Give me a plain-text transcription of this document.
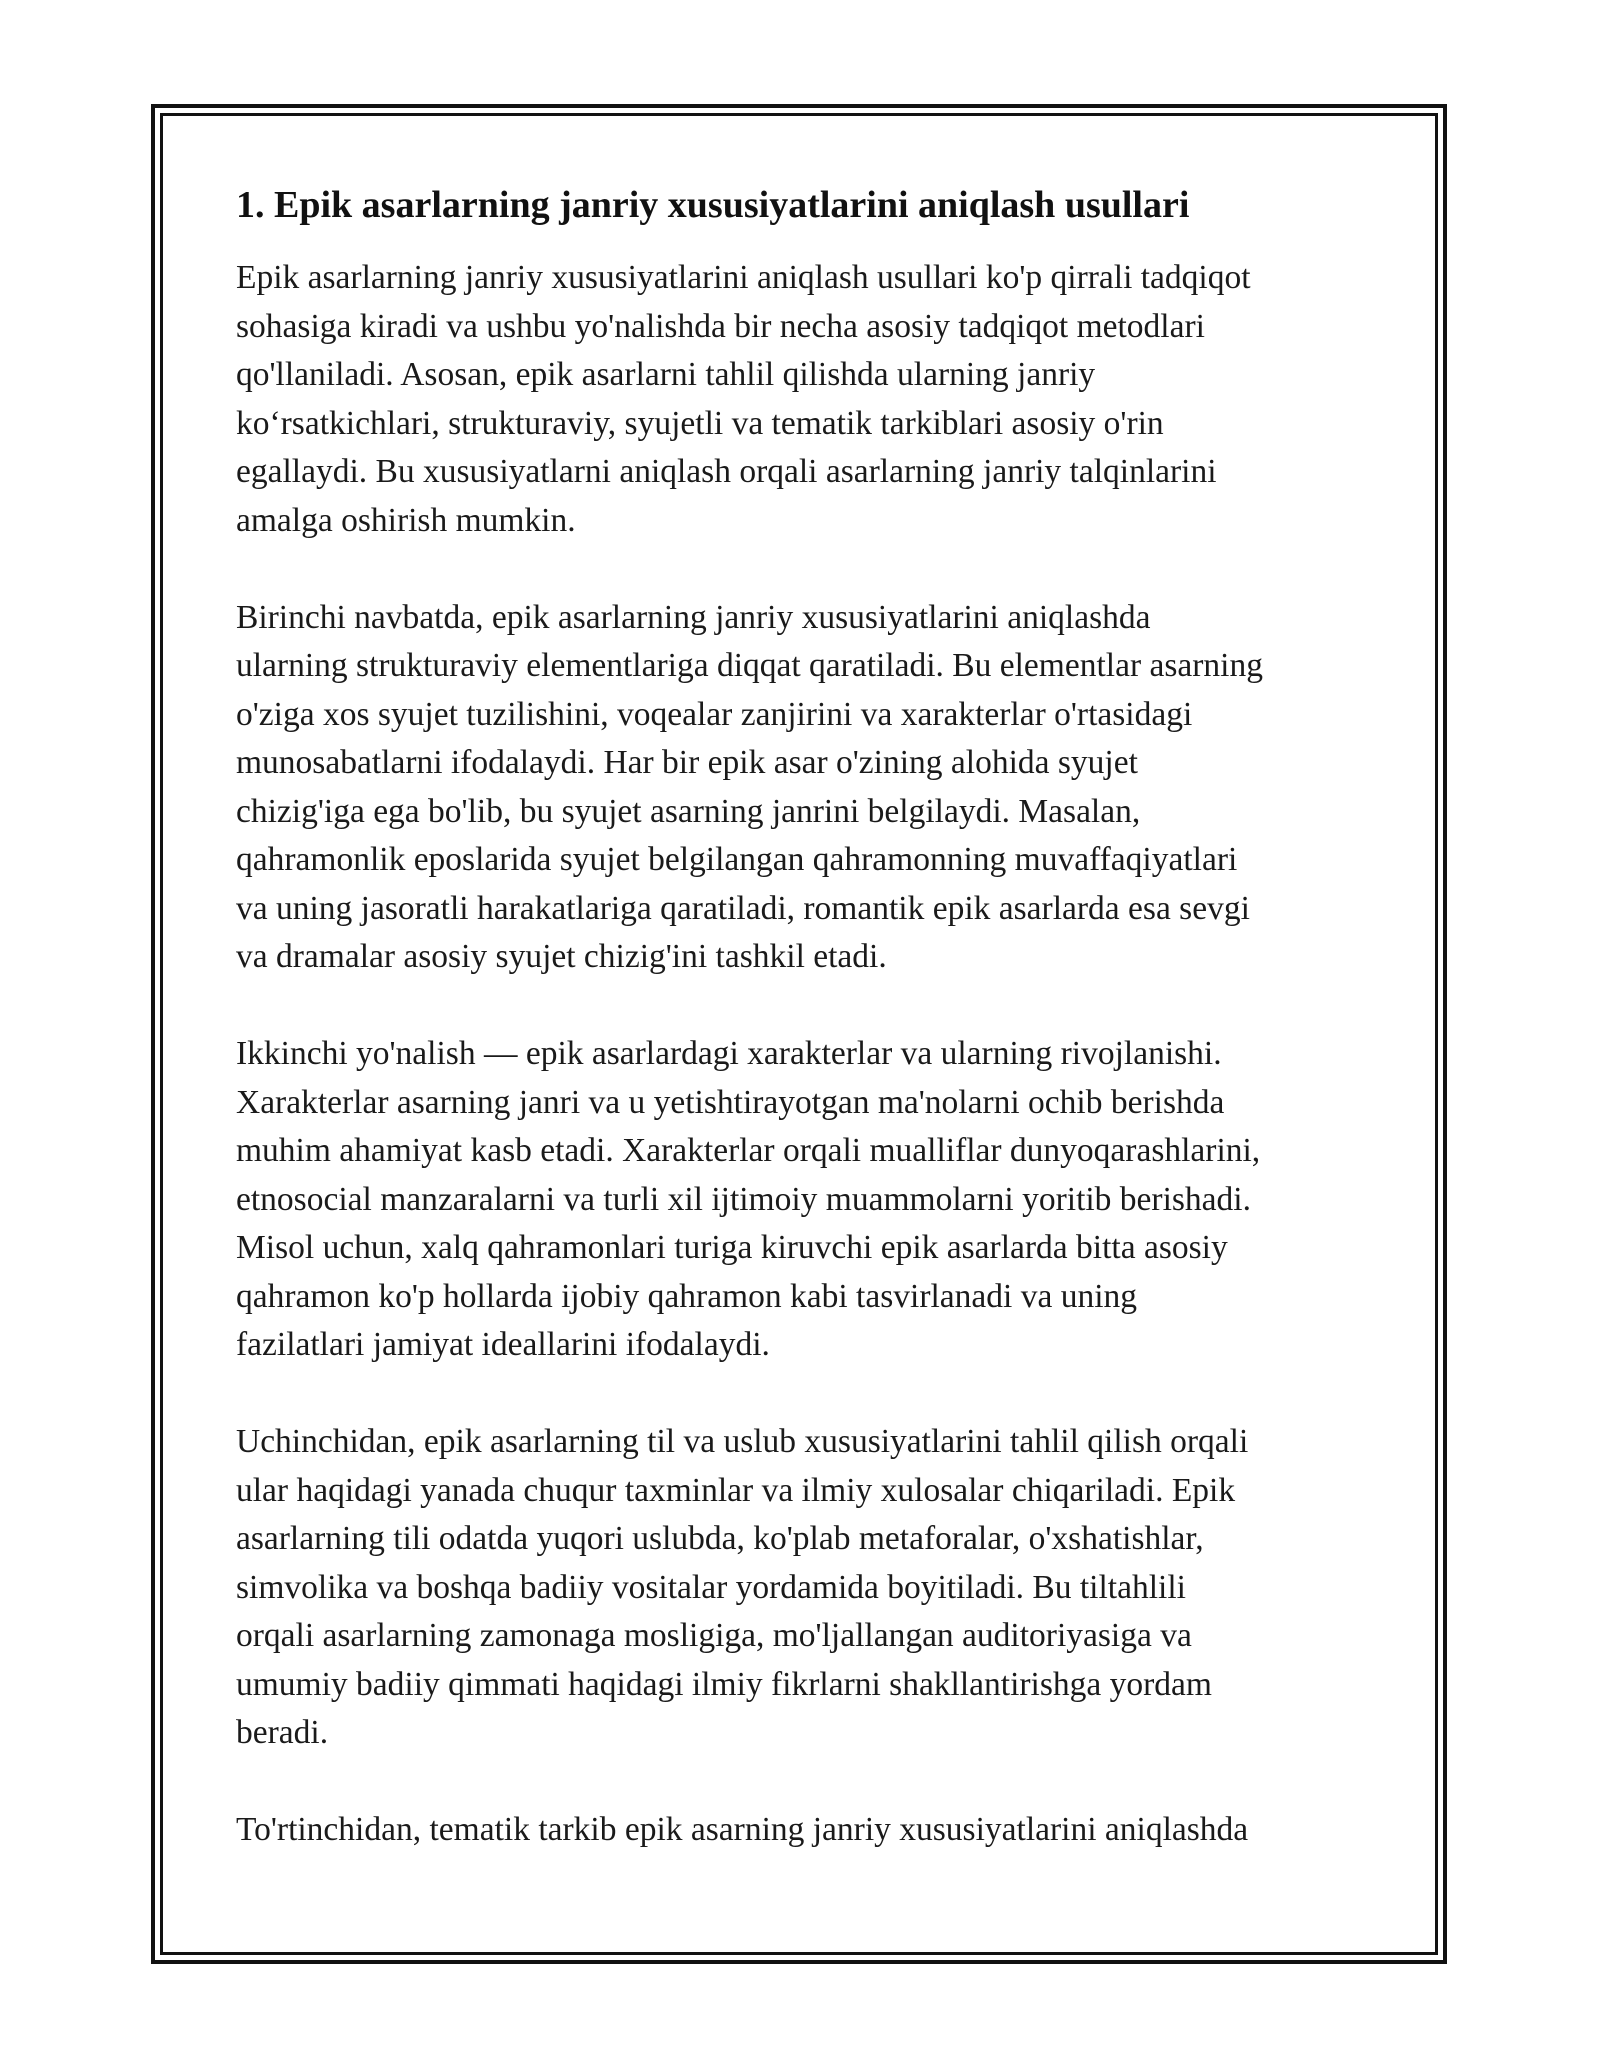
1. Epik asarlarning janriy xususiyatlarini aniqlash usullari

Epik asarlarning janriy xususiyatlarini aniqlash usullari ko'p qirrali tadqiqot
sohasiga kiradi va ushbu yo'nalishda bir necha asosiy tadqiqot metodlari
qo'llaniladi. Asosan, epik asarlarni tahlil qilishda ularning janriy
ko‘rsatkichlari, strukturaviy, syujetli va tematik tarkiblari asosiy o'rin
egallaydi. Bu xususiyatlarni aniqlash orqali asarlarning janriy talqinlarini
amalga oshirish mumkin.

Birinchi navbatda, epik asarlarning janriy xususiyatlarini aniqlashda
ularning strukturaviy elementlariga diqqat qaratiladi. Bu elementlar asarning
o'ziga xos syujet tuzilishini, voqealar zanjirini va xarakterlar o'rtasidagi
munosabatlarni ifodalaydi. Har bir epik asar o'zining alohida syujet
chizig'iga ega bo'lib, bu syujet asarning janrini belgilaydi. Masalan,
qahramonlik eposlarida syujet belgilangan qahramonning muvaffaqiyatlari
va uning jasoratli harakatlariga qaratiladi, romantik epik asarlarda esa sevgi
va dramalar asosiy syujet chizig'ini tashkil etadi.

Ikkinchi yo'nalish — epik asarlardagi xarakterlar va ularning rivojlanishi.
Xarakterlar asarning janri va u yetishtirayotgan ma'nolarni ochib berishda
muhim ahamiyat kasb etadi. Xarakterlar orqali mualliflar dunyoqarashlarini,
etnosocial manzaralarni va turli xil ijtimoiy muammolarni yoritib berishadi.
Misol uchun, xalq qahramonlari turiga kiruvchi epik asarlarda bitta asosiy
qahramon ko'p hollarda ijobiy qahramon kabi tasvirlanadi va uning
fazilatlari jamiyat ideallarini ifodalaydi.

Uchinchidan, epik asarlarning til va uslub xususiyatlarini tahlil qilish orqali
ular haqidagi yanada chuqur taxminlar va ilmiy xulosalar chiqariladi. Epik
asarlarning tili odatda yuqori uslubda, ko'plab metaforalar, o'xshatishlar,
simvolika va boshqa badiiy vositalar yordamida boyitiladi. Bu tiltahlili
orqali asarlarning zamonaga mosligiga, mo'ljallangan auditoriyasiga va
umumiy badiiy qimmati haqidagi ilmiy fikrlarni shakllantirishga yordam
beradi.

To'rtinchidan, tematik tarkib epik asarning janriy xususiyatlarini aniqlashda
